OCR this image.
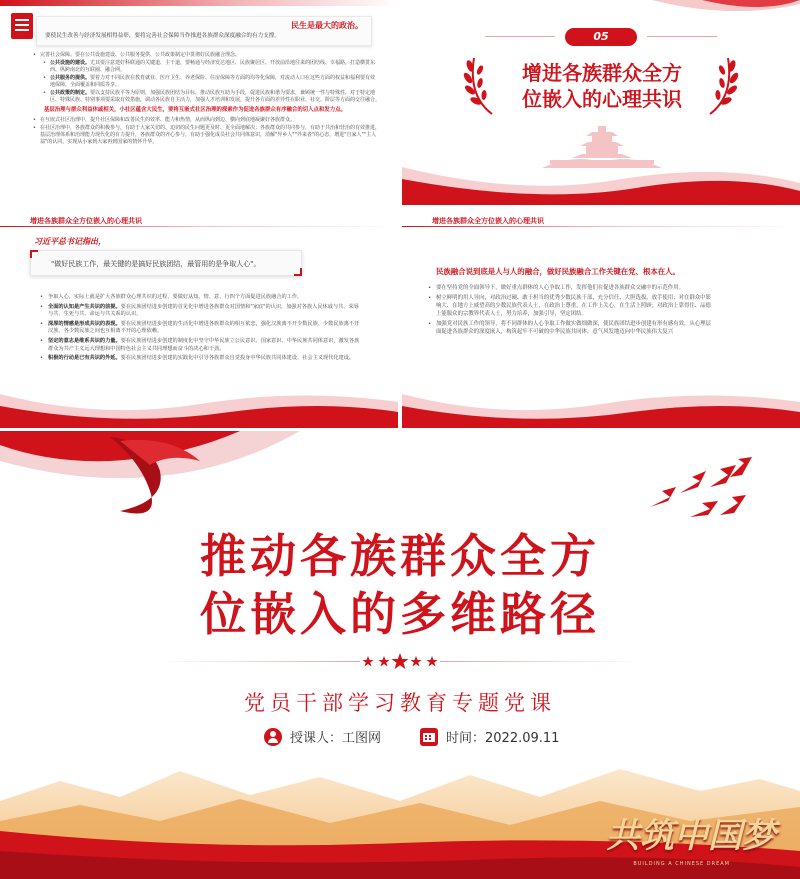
民生是最大的政治。
要使民生改善与经济发展相得益彰，要将完善社会保障当作推进各族群众深度融合的有力支撑。

• 完善社会保障。要在公共设施建设、公共服务提供、公共政策制定中贯彻好民族融合理念。

• 公共设施的建设。尤其要注意建好科联通的关键道、主干道，要畅通与经济发达地区、民族聚居区、开放前沿地往来的团结线、幸福路，打造横贯东西、纵跨南北的互联圈、融合网。

• 公共服务的提供。要着力对不同民族在教育就业、医疗卫生、养老保险、住房保障等方面的均等化保障，对流动人口在这些方面的权益和福利要有效地保障，全面覆盖和同质等享。

• 公共政策的制定。要以支持民族平等为原则，加强民族团结为目标，推动民族互助为手段，促进民族和谐为要求，兼顾统一性与特殊性，对于特定地区、特殊民族、特别事项要采取有效措施，调动各民族自主活力，加强人才培训和发展，提升各方面的差异性在职业、社交、阶层等方面的交往融合。

基层治理与群众利益休戚相关，小社区蕴含大民生，要将互嵌式社区治理的探索作为促进各族群众有序融合的切入点和发力点。

• 在互嵌式社区治理中，提升社区保障和改善民生的效率、能力和热情，从而纵向到边、横向到底地凝聚好各族群众。

• 在社区治理中，各族群众的积极参与，有助于大家关切的、迫切的民生问题更及时、更全面地解决；各族群众的共同参与，有助于共治和营治的有效推进，基层治理体系和治理能力现代化的有力提升，各族群众的齐心参与，有助于强化成员社会共同体意识，消解"异乡人""外来者"的心态，增进"自家人""主人翁"的认同，实现从小家到大家再到国家的情怀升华。

05
增进各族群众全方
位嵌入的心理共识
增进各族群众全方位嵌入的心理共识
习近平总书记指出，
"做好民族工作，最关键的是搞好民族团结，最管用的是争取人心"。

• 争取人心，实际上就是扩大各族群众心理共识的过程，要做好从知、情、意、行四个方面促进民族融合的工作。

• 全面的认知是产生共识的前提。要在民族团结进步创建的首见化中增进各族群众对国情和"家底"的认识，加强对各族人民休戚与共、荣辱与共、生死与共、命运与共关系的认识。

• 深厚的情感是形成共识的表现。要在民族团结进步创建的生活化中增进各族群众的相互依恋，强化汉族离不开少数民族、少数民族离不开汉族、各少数民族之间也互相离不开的心理依赖。

• 坚定的意志是维系共识的力量。要在民族团结进步创建的制度化中坚守中华民族立公民意识、国家意识、中华民族共同体意识，激发各族群众为共产主义远大理想和中国特色社会主义共同理想而奋斗的决心和干劲。

• 积极的行动是已有共识的外延。要在民族团结进步创建的实践化中引导各族群众自觉投身中华民族共同体建设、社会主义现代化建设。

增进各族群众全方位嵌入的心理共识
民族融合说到底是人与人的融合，做好民族融合工作关键在党、根本在人。

• 要在坚持党的全面领导下，做好重点群体的人心争取工作，发挥他们在促进各族群众交融中的示范作用。

• 树立鲜明的用人导向，对政治过硬、敢于担当的优秀少数民族干部，充分信任、大胆选拔，放手使用；对在群众中影响大、在地方上威望高的少数民族代表人士，在政治上尊重，在工作上关心，在生活上照顾；对政治上靠得住、品德上能服众的宗教界代表人士，努力培养，加强引导，坚定团结。

• 加强党对民族工作的领导，将不同群体的人心争取工作做实做细做深，使民族团结进步创建有形有感有效，从心理层面促进各族群众的深度嵌入，构筑起牢不可破的中华民族共同体，意气风发地迈向中华民族伟大复兴

推动各族群众全方
位嵌入的多维路径
党员干部学习教育专题党课
授课人：工图网	时间：2022.09.11
共筑中国梦
BUILDING A CHINESE DREAM
